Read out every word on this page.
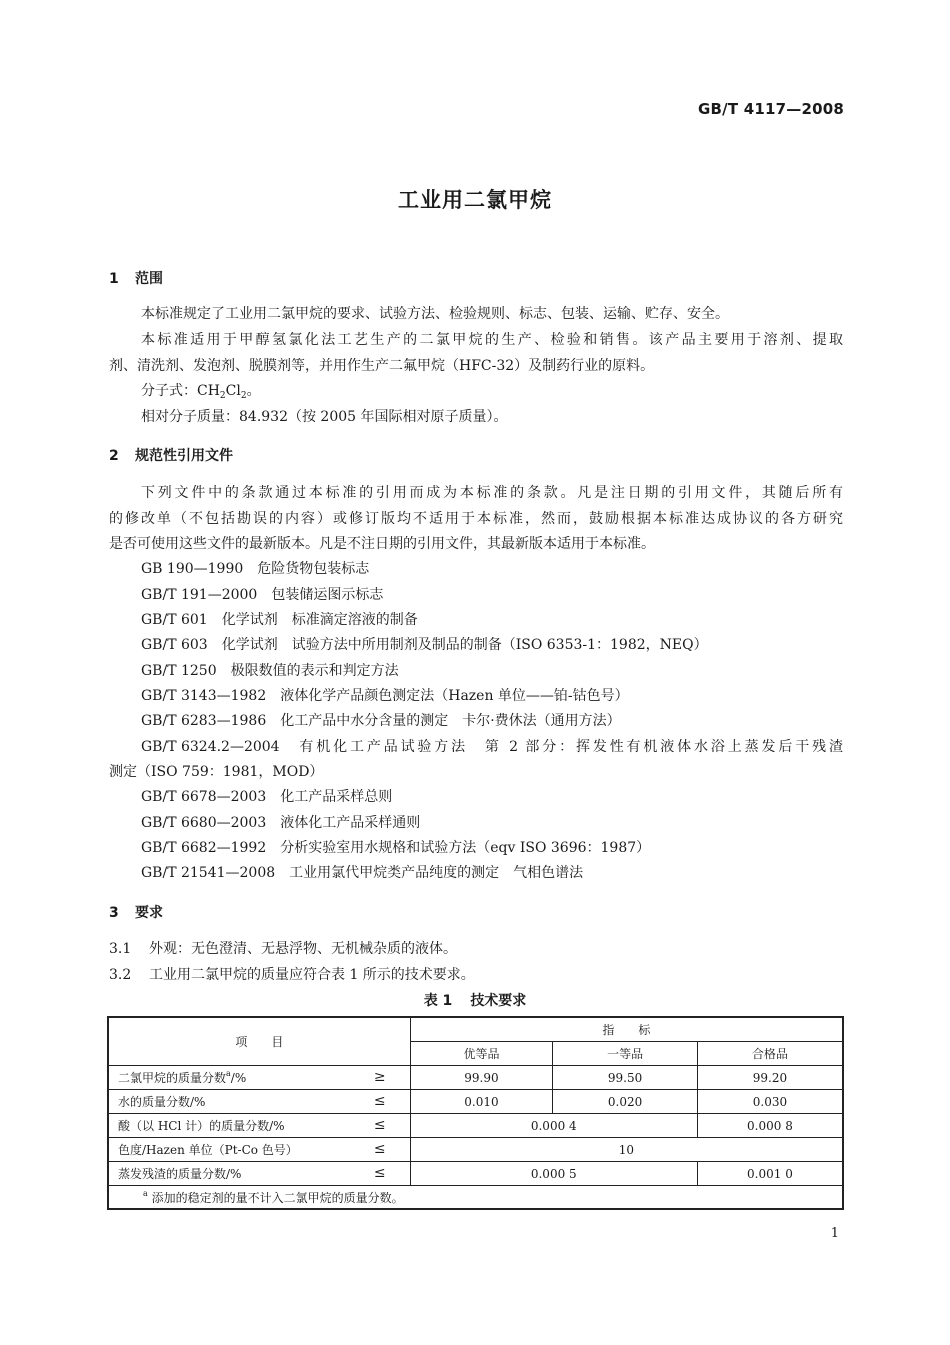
GB/T 4117—2008
工业用二氯甲烷
1 范围
本标准规定了工业用二氯甲烷的要求、试验方法、检验规则、标志、包装、运输、贮存、安全。
本标准适用于甲醇氢氯化法工艺生产的二氯甲烷的生产、检验和销售。该产品主要用于溶剂、提取
剂、清洗剂、发泡剂、脱膜剂等，并用作生产二氟甲烷（HFC-32）及制药行业的原料。
分子式：$CH_2Cl_2$。
相对分子质量：84.932（按 2005 年国际相对原子质量）。
2 规范性引用文件
下列文件中的条款通过本标准的引用而成为本标准的条款。凡是注日期的引用文件，其随后所有
的修改单（不包括勘误的内容）或修订版均不适用于本标准，然而，鼓励根据本标准达成协议的各方研究
是否可使用这些文件的最新版本。凡是不注日期的引用文件，其最新版本适用于本标准。
GB 190—1990　 危险货物包装标志
GB/T 191—2000　 包装储运图示标志
GB/T 601　 化学试剂　标准滴定溶液的制备
GB/T 603　 化学试剂　试验方法中所用制剂及制品的制备（ISO 6353-1：1982，NEQ）
GB/T 1250　 极限数值的表示和判定方法
GB/T 3143—1982　 液体化学产品颜色测定法（Hazen 单位——铂-钴色号）
GB/T 6283—1986　 化工产品中水分含量的测定　卡尔·费休法（通用方法）
GB/T 6324.2—2004　 有机化工产品试验方法　第 2 部分：挥发性有机液体水浴上蒸发后干残渣
测定（ISO 759：1981，MOD）
GB/T 6678—2003　 化工产品采样总则
GB/T 6680—2003　 液体化工产品采样通则
GB/T 6682—1992　 分析实验室用水规格和试验方法（eqv ISO 3696：1987）
GB/T 21541—2008　 工业用氯代甲烷类产品纯度的测定　气相色谱法
3 要求
3.1 外观：无色澄清、无悬浮物、无机械杂质的液体。
3.2 工业用二氯甲烷的质量应符合表 1 所示的技术要求。
表 1 技术要求
项　　目	指　　标		
	优等品	一等品	合格品
二氯甲烷的质量分数$^a$/% ≥	99.90	99.50	99.20
水的质量分数/% ≤	0.010	0.020	0.030
酸（以 HCl 计）的质量分数/% ≤	0.000 4		0.000 8
色度/Hazen 单位（Pt-Co 色号） ≤	10		
蒸发残渣的质量分数/% ≤	0.000 5		0.001 0
$^a$ 添加的稳定剂的量不计入二氯甲烷的质量分数。			
1
